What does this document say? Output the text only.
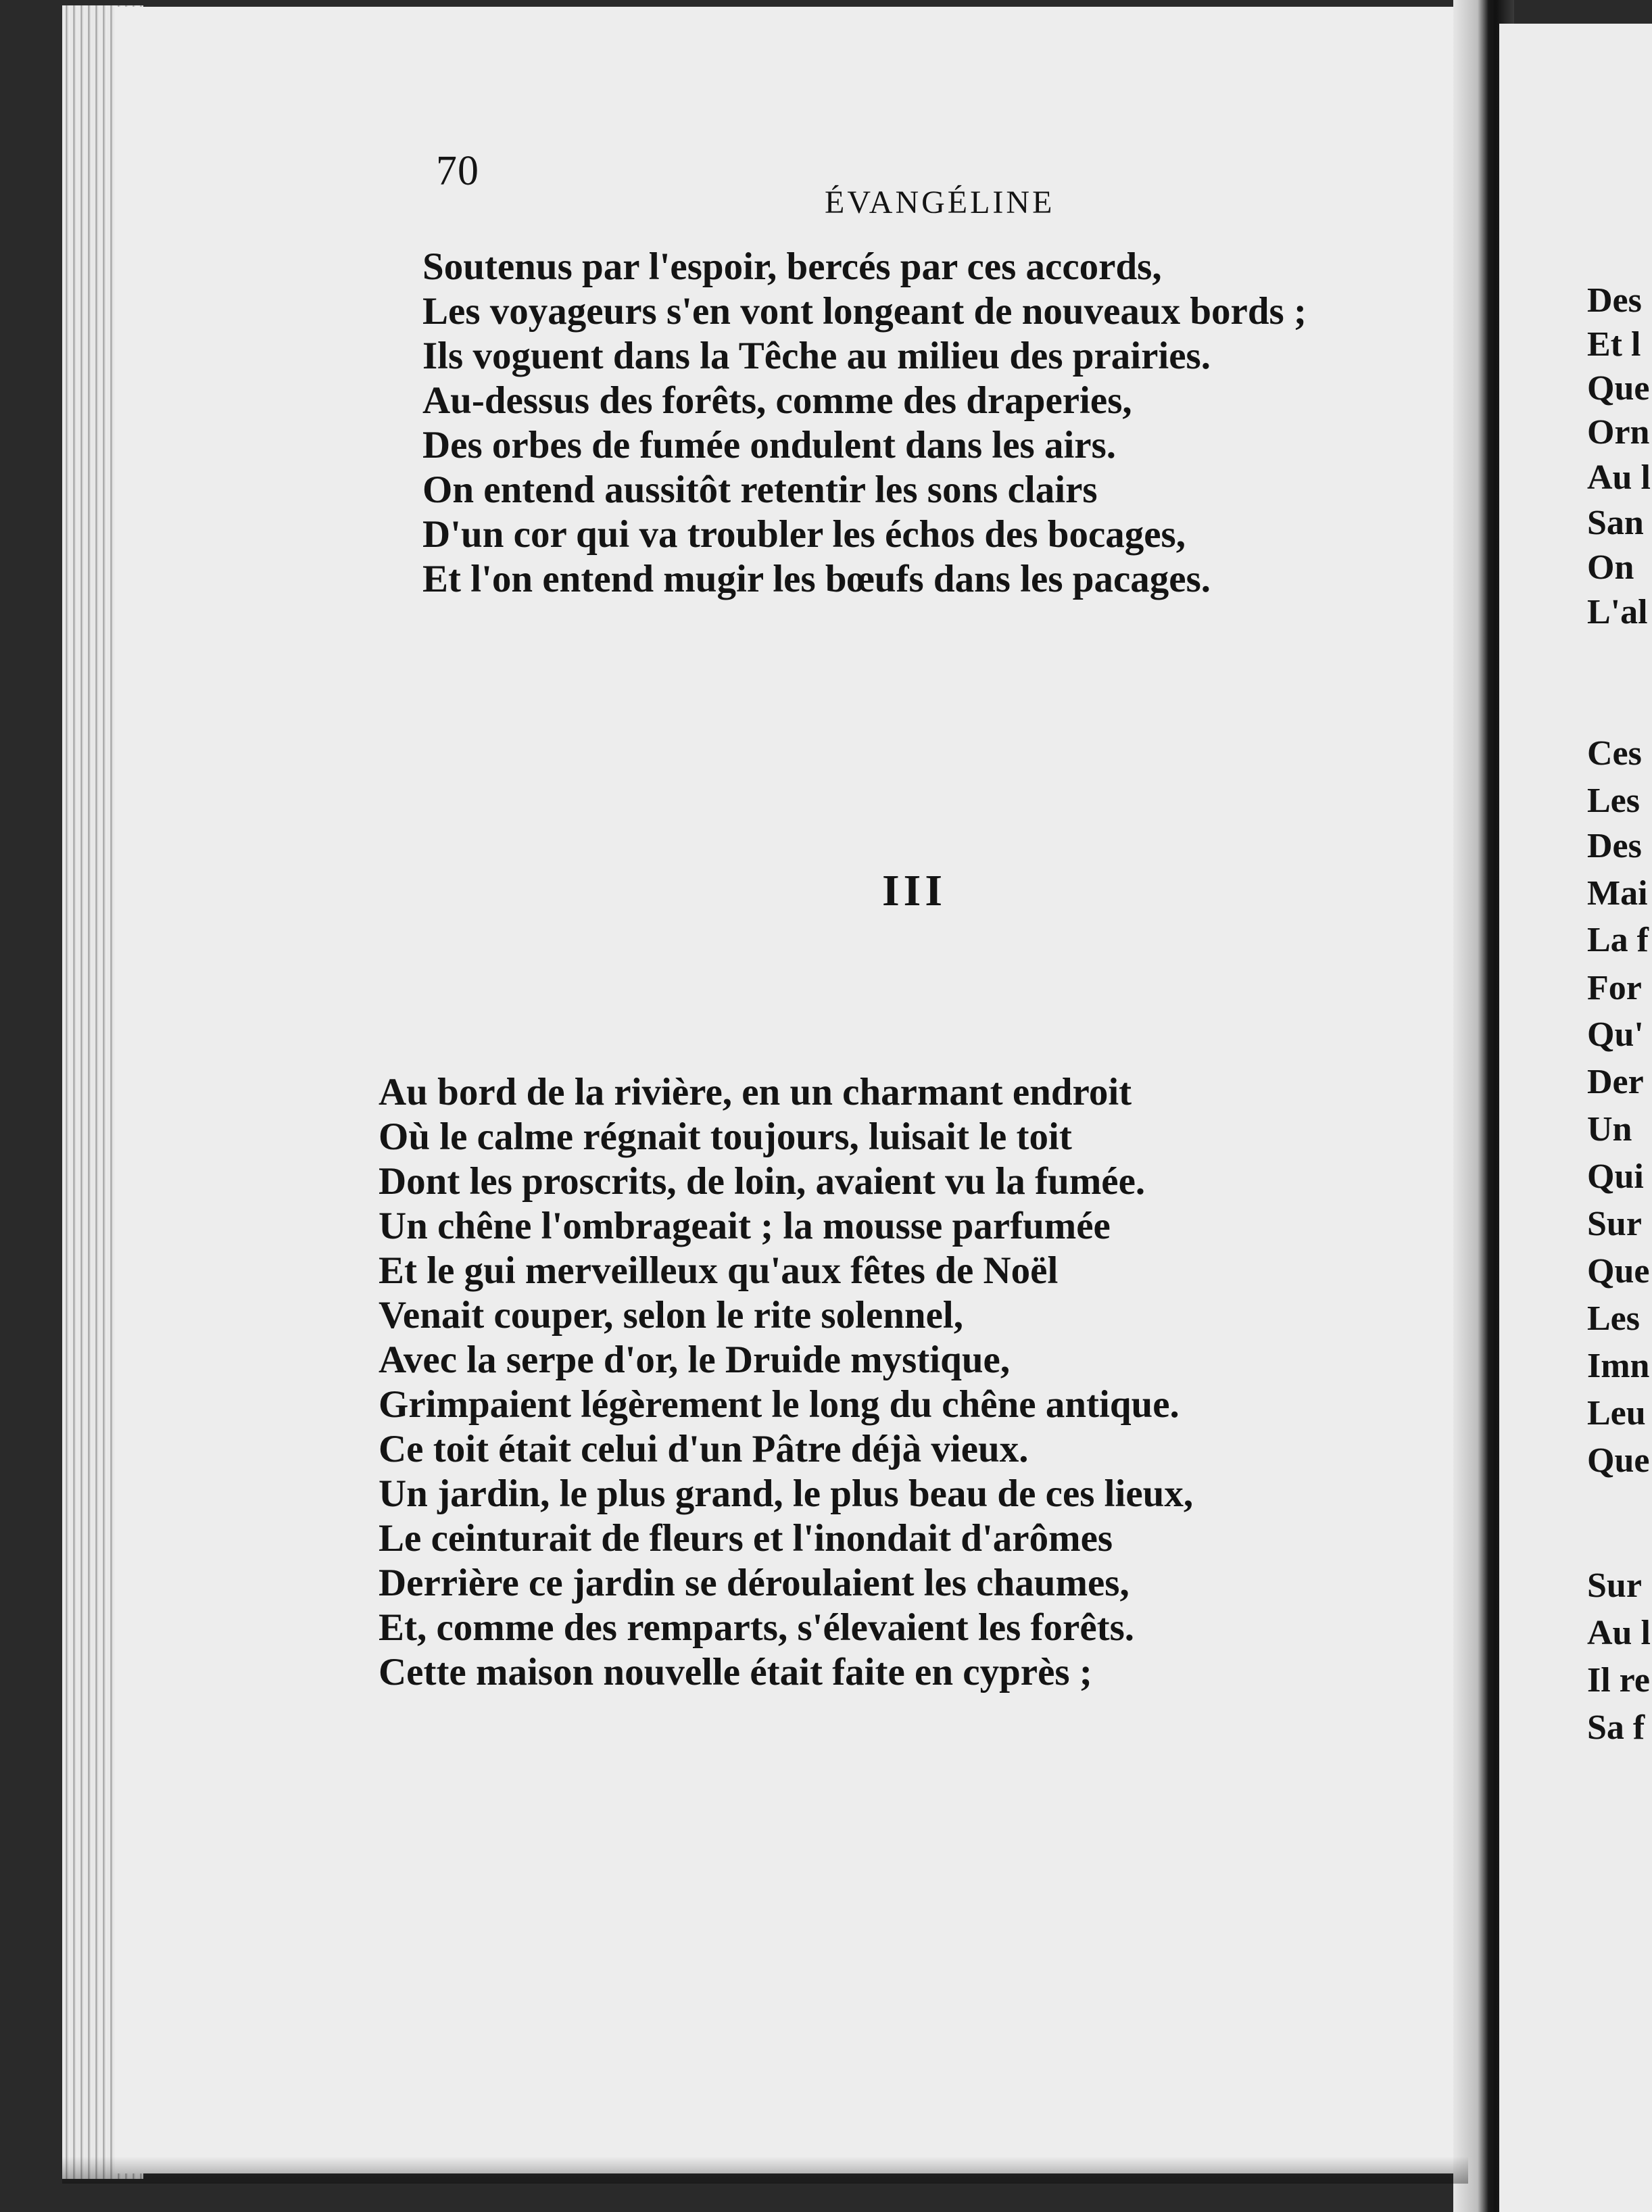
70
ÉVANGÉLINE
Soutenus par l'espoir, bercés par ces accords,
Les voyageurs s'en vont longeant de nouveaux bords ;
Ils voguent dans la Têche au milieu des prairies.
Au-dessus des forêts, comme des draperies,
Des orbes de fumée ondulent dans les airs.
On entend aussitôt retentir les sons clairs
D'un cor qui va troubler les échos des bocages,
Et l'on entend mugir les bœufs dans les pacages.
III
Au bord de la rivière, en un charmant endroit
Où le calme régnait toujours, luisait le toit
Dont les proscrits, de loin, avaient vu la fumée.
Un chêne l'ombrageait ; la mousse parfumée
Et le gui merveilleux qu'aux fêtes de Noël
Venait couper, selon le rite solennel,
Avec la serpe d'or, le Druide mystique,
Grimpaient légèrement le long du chêne antique.
Ce toit était celui d'un Pâtre déjà vieux.
Un jardin, le plus grand, le plus beau de ces lieux,
Le ceinturait de fleurs et l'inondait d'arômes
Derrière ce jardin se déroulaient les chaumes,
Et, comme des remparts, s'élevaient les forêts.
Cette maison nouvelle était faite en cyprès ;
Des
Et l
Que
Orn
Au l
San
On
L'al
Ces
Les
Des
Mai
La f
For
Qu'
Der
Un
Qui
Sur
Que
Les
Imn
Leu
Que
Sur
Au l
Il re
Sa f
